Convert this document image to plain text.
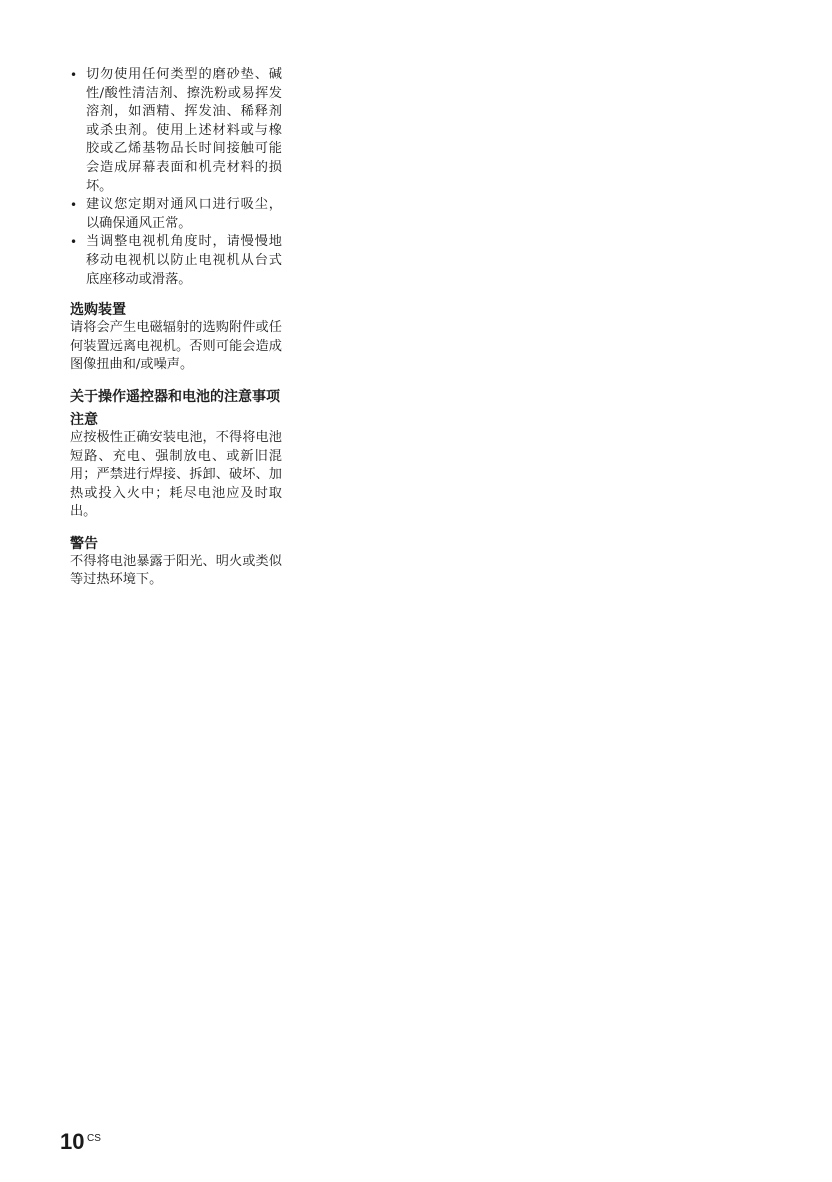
• 切勿使用任何类型的磨砂垫、碱性/酸性清洁剂、擦洗粉或易挥发溶剂，如酒精、挥发油、稀释剂或杀虫剂。使用上述材料或与橡胶或乙烯基物品长时间接触可能会造成屏幕表面和机壳材料的损坏。
• 建议您定期对通风口进行吸尘，以确保通风正常。
• 当调整电视机角度时，请慢慢地移动电视机以防止电视机从台式底座移动或滑落。
选购装置

请将会产生电磁辐射的选购附件或任何装置远离电视机。否则可能会造成图像扭曲和/或噪声。

关于操作遥控器和电池的注意事项
注意

应按极性正确安装电池，不得将电池短路、充电、强制放电、或新旧混用；严禁进行焊接、拆卸、破坏、加热或投入火中；耗尽电池应及时取出。

警告

不得将电池暴露于阳光、明火或类似等过热环境下。

10 CS
